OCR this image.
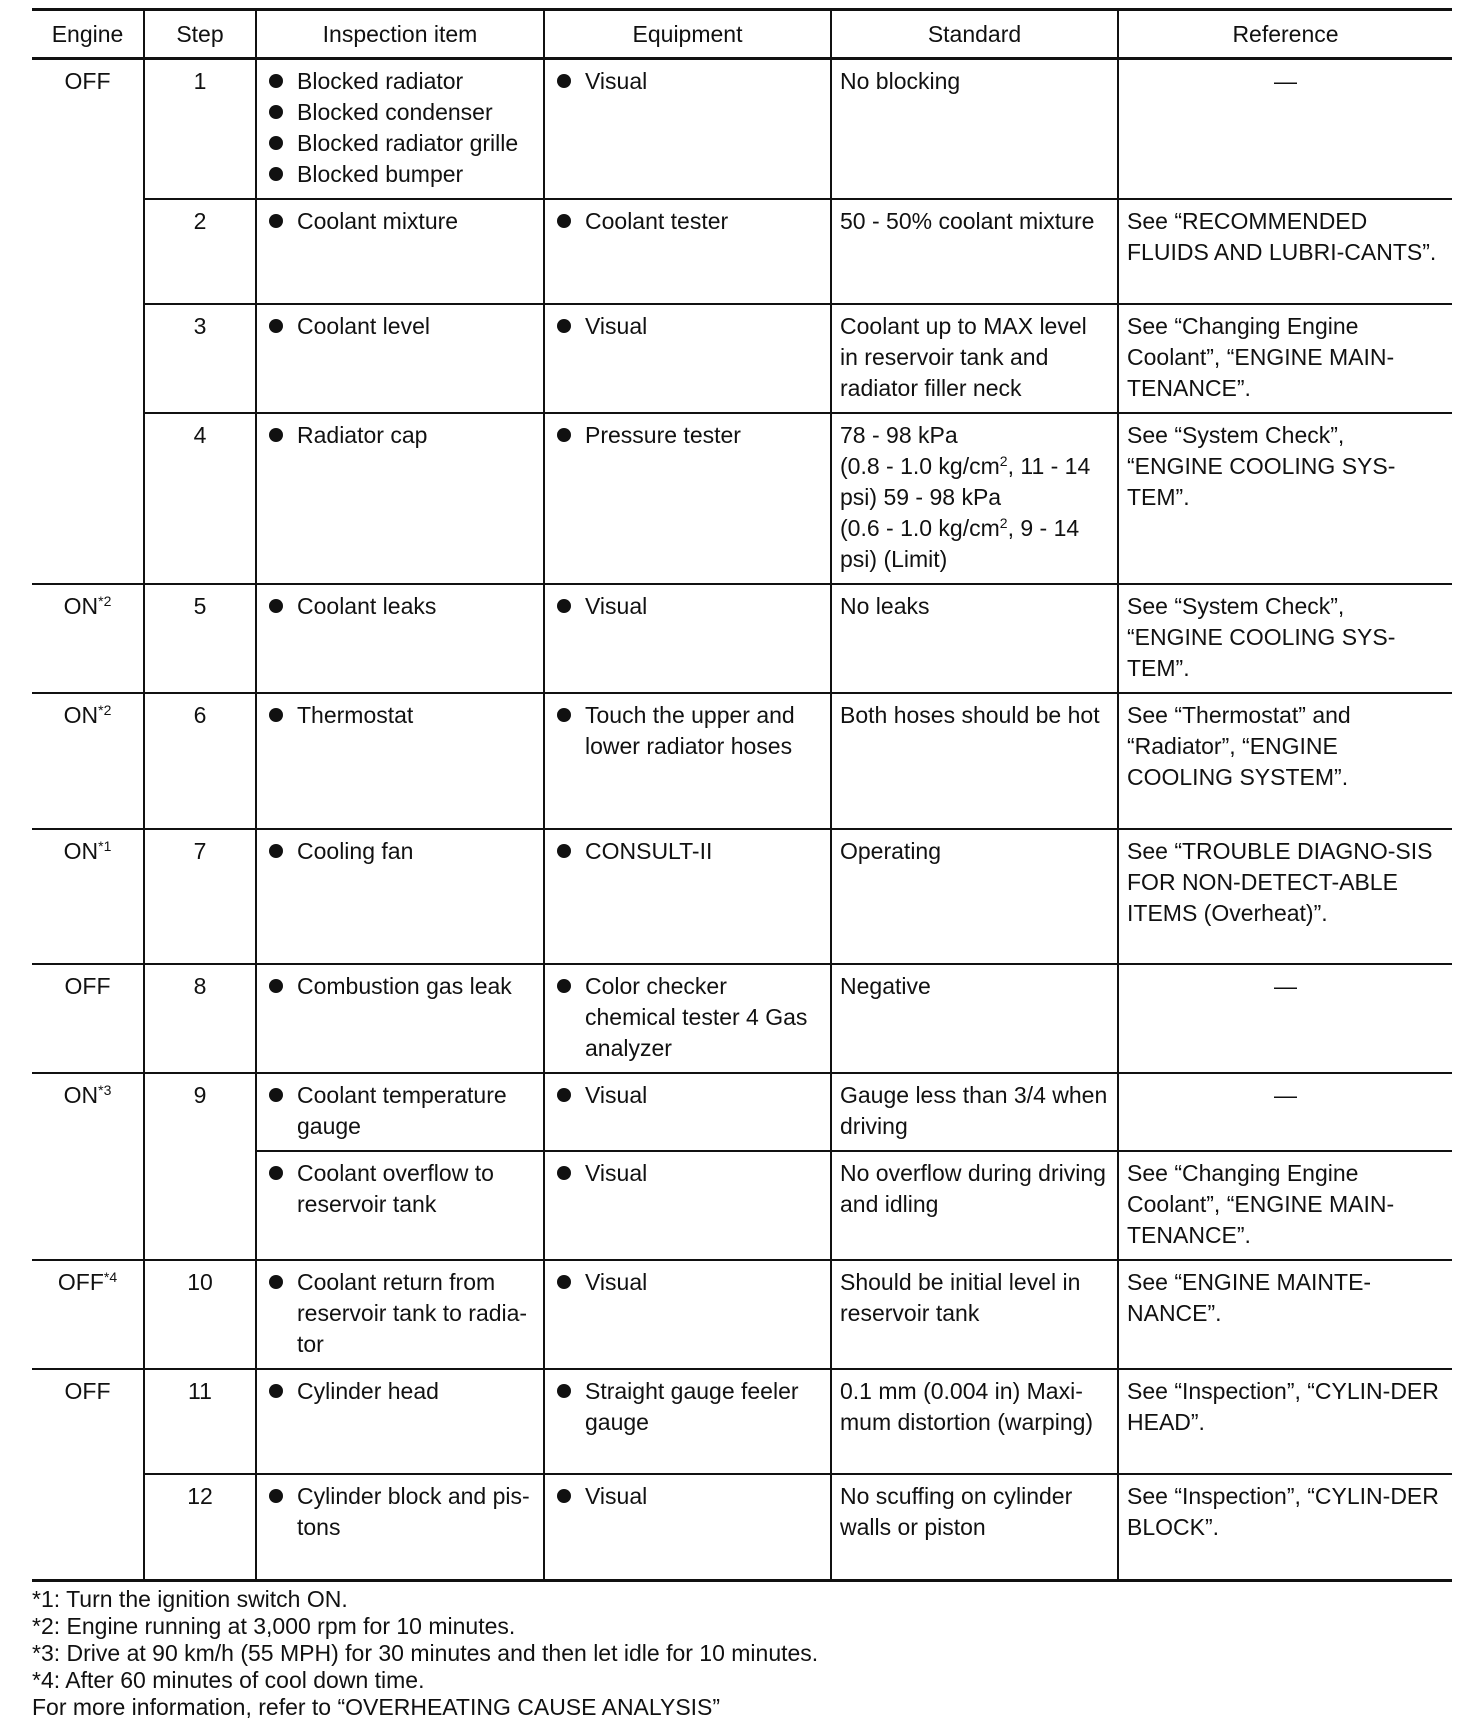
Engine	Step	Inspection item	Equipment	Standard	Reference
OFF	1	Blocked radiator
Blocked condenser
Blocked radiator grille
Blocked bumper	Visual	No blocking	—
	2	Coolant mixture	Coolant tester	50 - 50% coolant mixture	See “RECOMMENDED FLUIDS AND LUBRI-CANTS”.
	3	Coolant level	Visual	Coolant up to MAX level in reservoir tank and radiator filler neck	See “Changing Engine Coolant”, “ENGINE MAIN-TENANCE”.
	4	Radiator cap	Pressure tester	78 - 98 kPa
(0.8 - 1.0 $kg/cm^2$, 11 - 14 psi) 59 - 98 kPa
(0.6 - 1.0 $kg/cm^2$, 9 - 14 psi) (Limit)	See “System Check”, “ENGINE COOLING SYS-TEM”.
ON$^{*2}$	5	Coolant leaks	Visual	No leaks	See “System Check”, “ENGINE COOLING SYS-TEM”.
ON$^{*2}$	6	Thermostat	Touch the upper and lower radiator hoses	Both hoses should be hot	See “Thermostat” and “Radiator”, “ENGINE COOLING SYSTEM”.
ON$^{*1}$	7	Cooling fan	CONSULT-II	Operating	See “TROUBLE DIAGNO-SIS FOR NON-DETECT-ABLE ITEMS (Overheat)”.
OFF	8	Combustion gas leak	Color checker chemical tester 4 Gas analyzer	Negative	—
ON$^{*3}$	9	Coolant temperature gauge	Visual	Gauge less than 3/4 when driving	—

		Coolant overflow to reservoir tank	Visual	No overflow during driving and idling	See “Changing Engine Coolant”, “ENGINE MAIN-TENANCE”.
OFF$^{*4}$	10	Coolant return from reservoir tank to radia-tor	Visual	Should be initial level in reservoir tank	See “ENGINE MAINTE-NANCE”.
OFF	11	Cylinder head	Straight gauge feeler gauge	0.1 mm (0.004 in) Maxi-mum distortion (warping)	See “Inspection”, “CYLIN-DER HEAD”.
	12	Cylinder block and pis-tons	Visual	No scuffing on cylinder walls or piston	See “Inspection”, “CYLIN-DER BLOCK”.
*1: Turn the ignition switch ON.
*2: Engine running at 3,000 rpm for 10 minutes.
*3: Drive at 90 km/h (55 MPH) for 30 minutes and then let idle for 10 minutes.
*4: After 60 minutes of cool down time.
For more information, refer to “OVERHEATING CAUSE ANALYSIS”
